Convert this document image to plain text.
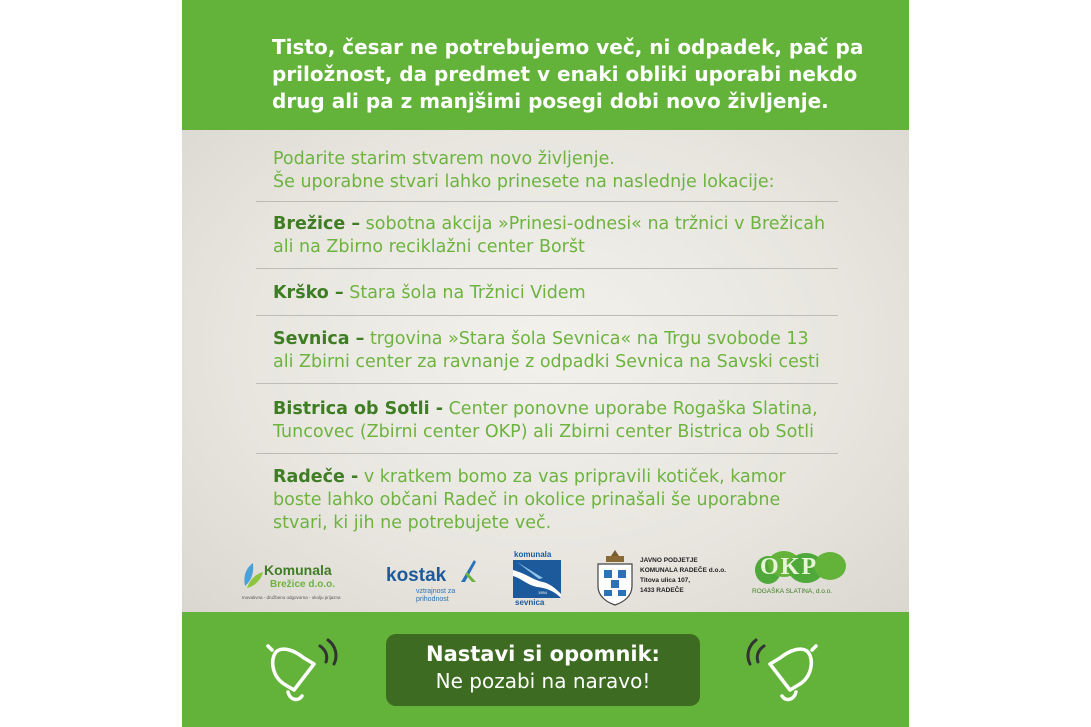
Tisto, česar ne potrebujemo več, ni odpadek, pač pa
priložnost, da predmet v enaki obliki uporabi nekdo
drug ali pa z manjšimi posegi dobi novo življenje.
Podarite starim stvarem novo življenje.
Še uporabne stvari lahko prinesete na naslednje lokacije:
Brežice – sobotna akcija »Prinesi-odnesi« na tržnici v Brežicah ali na Zbirno reciklažni center Boršt
Krško – Stara šola na Tržnici Videm
Sevnica – trgovina »Stara šola Sevnica« na Trgu svobode 13 ali Zbirni center za ravnanje z odpadki Sevnica na Savski cesti
Bistrica ob Sotli - Center ponovne uporabe Rogaška Slatina, Tuncovec (Zbirni center OKP) ali Zbirni center Bistrica ob Sotli
Radeče - v kratkem bomo za vas pripravili kotiček, kamor boste lahko občani Radeč in okolice prinašali še uporabne stvari, ki jih ne potrebujete več.
Komunala
Brežice d.o.o.
Inovativna - družbeno odgovorna - okolju prijazna
kostak
vztrajnost za prihodnost
komunala
1954
sevnica
JAVNO PODJETJE
KOMUNALA RADEČE d.o.o.
Titova ulica 107,
1433 RADEČE
OKP
ROGAŠKA SLATINA, d.o.o.
Nastavi si opomnik:
Ne pozabi na naravo!
